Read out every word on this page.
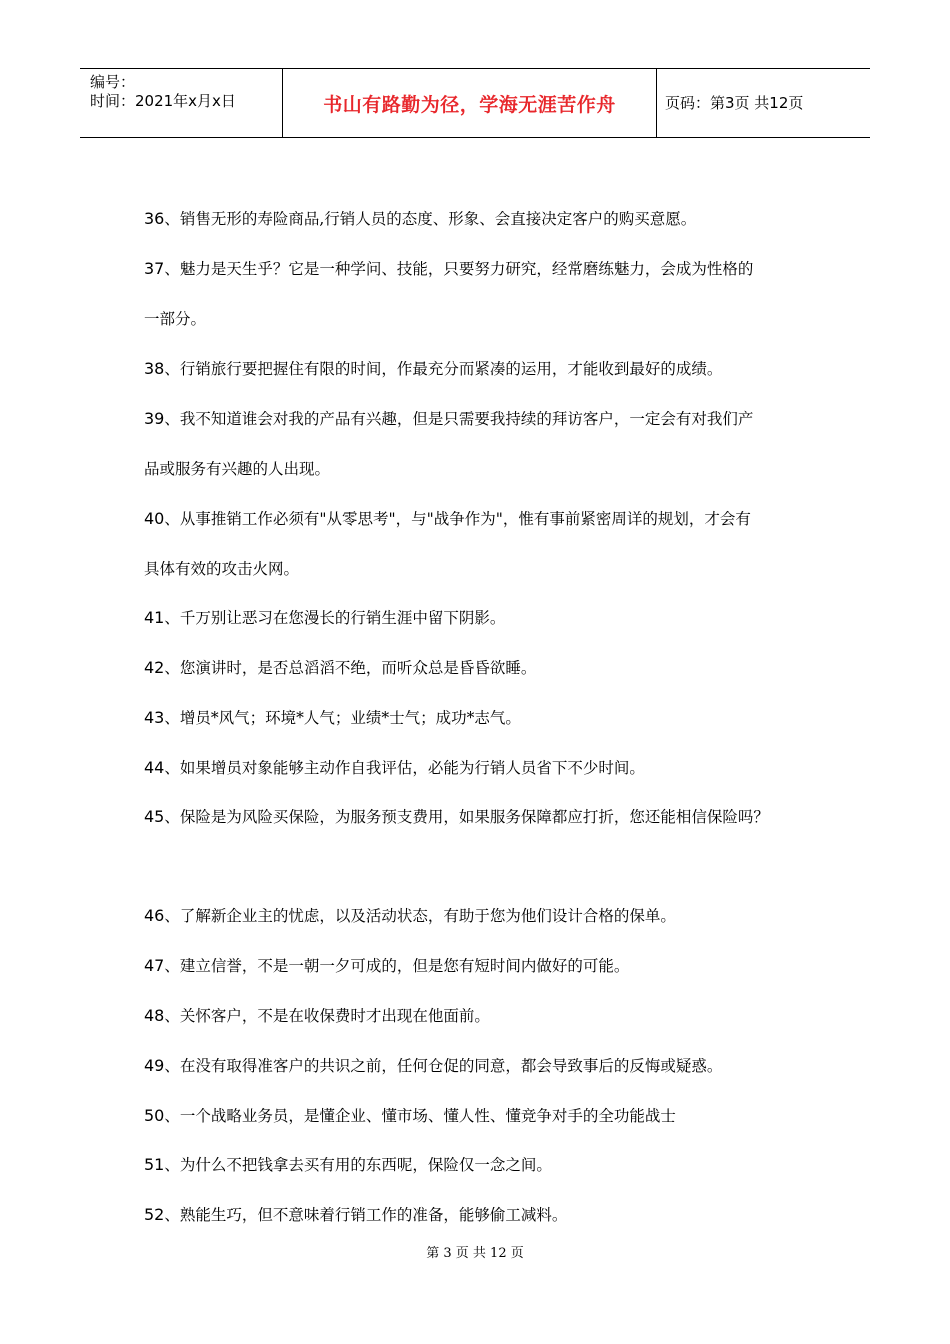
编号：
时间：2021年x月x日	书山有路勤为径，学海无涯苦作舟	页码：第3页 共12页

36、销售无形的寿险商品,行销人员的态度、形象、会直接决定客户的购买意愿。

37、魅力是天生乎？它是一种学问、技能，只要努力研究，经常磨练魅力，会成为性格的

一部分。

38、行销旅行要把握住有限的时间，作最充分而紧凑的运用，才能收到最好的成绩。

39、我不知道谁会对我的产品有兴趣，但是只需要我持续的拜访客户，一定会有对我们产

品或服务有兴趣的人出现。

40、从事推销工作必须有"从零思考"，与"战争作为"，惟有事前紧密周详的规划，才会有

具体有效的攻击火网。

41、千万别让恶习在您漫长的行销生涯中留下阴影。

42、您演讲时，是否总滔滔不绝，而听众总是昏昏欲睡。

43、增员*风气；环境*人气；业绩*士气；成功*志气。

44、如果增员对象能够主动作自我评估，必能为行销人员省下不少时间。

45、保险是为风险买保险，为服务预支费用，如果服务保障都应打折，您还能相信保险吗？

46、了解新企业主的忧虑，以及活动状态，有助于您为他们设计合格的保单。

47、建立信誉，不是一朝一夕可成的，但是您有短时间内做好的可能。

48、关怀客户，不是在收保费时才出现在他面前。

49、在没有取得准客户的共识之前，任何仓促的同意，都会导致事后的反悔或疑惑。

50、一个战略业务员，是懂企业、懂市场、懂人性、懂竞争对手的全功能战士

51、为什么不把钱拿去买有用的东西呢，保险仅一念之间。

52、熟能生巧，但不意味着行销工作的准备，能够偷工减料。

第 3 页 共 12 页
